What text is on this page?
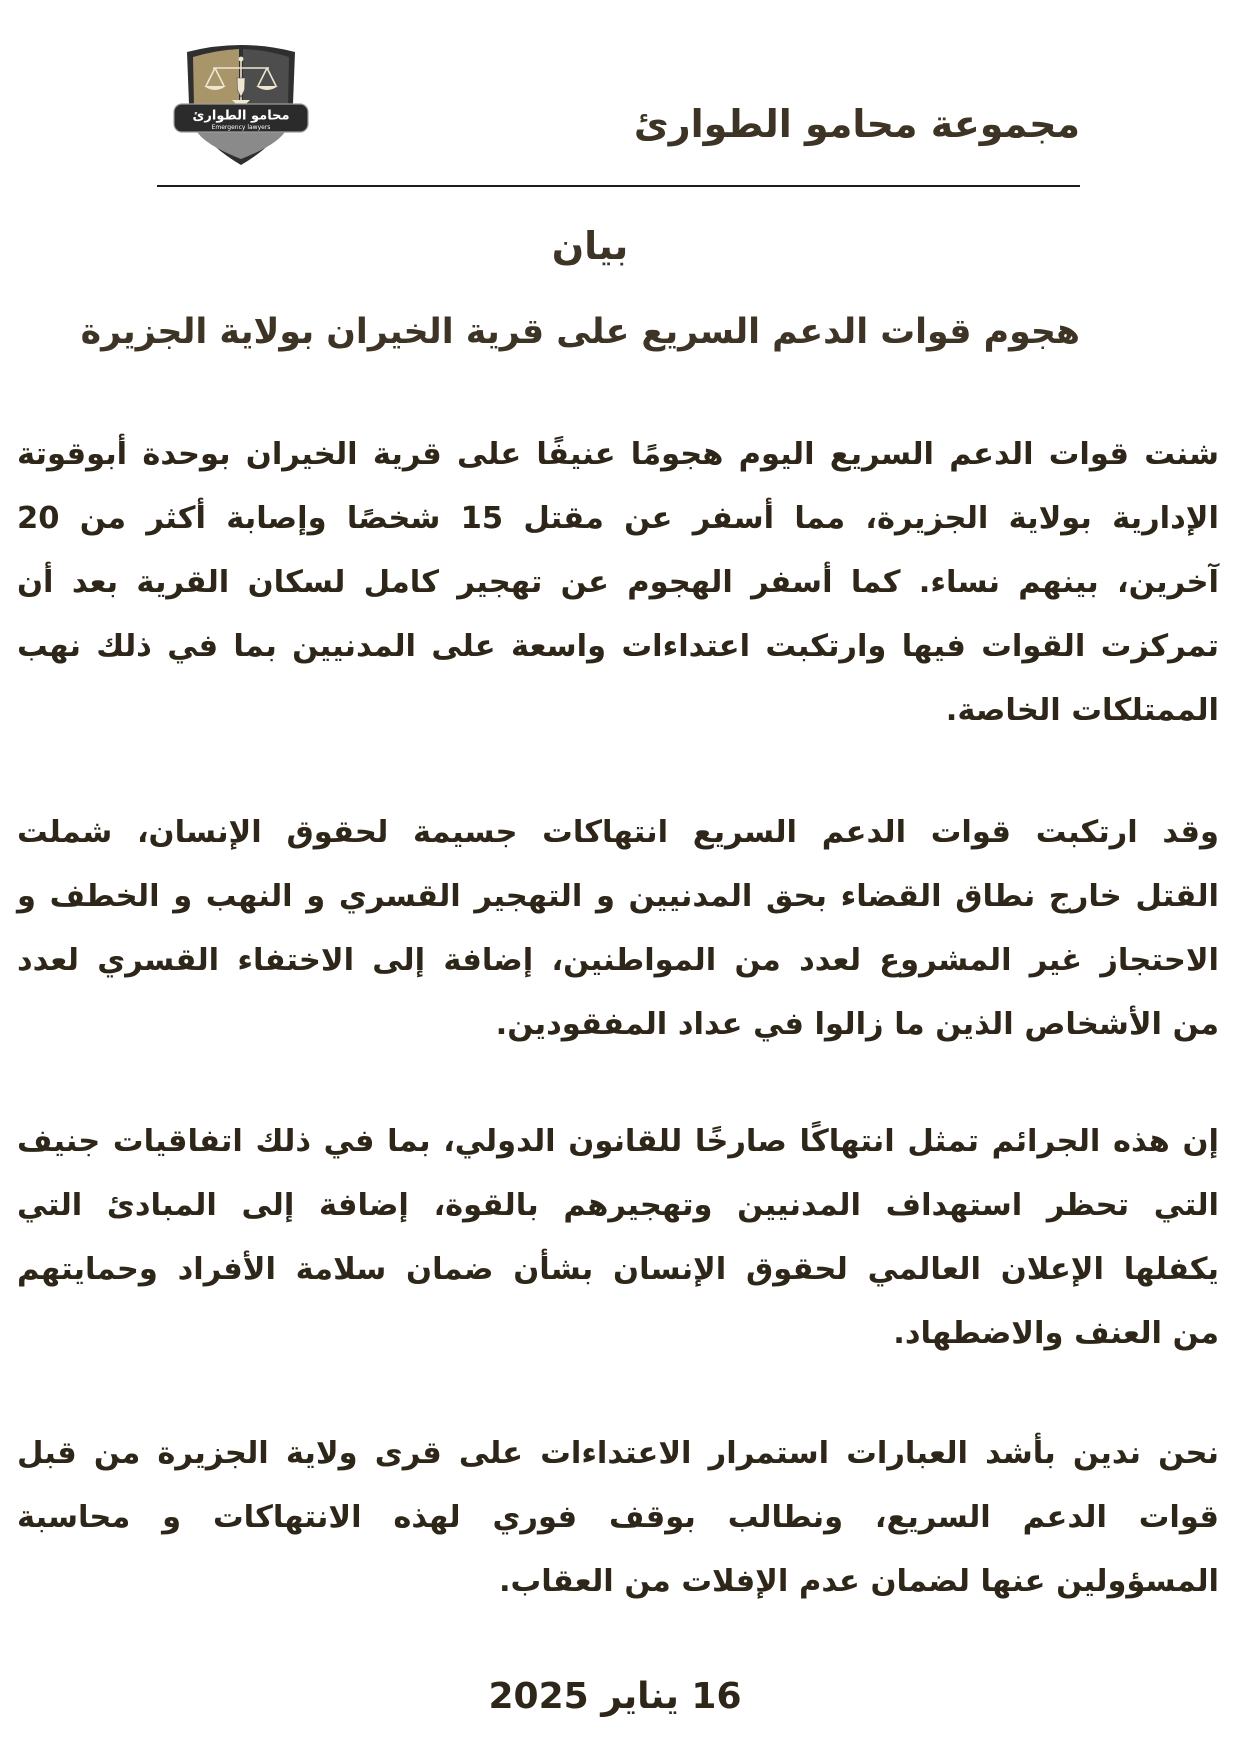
محامو الطوارئ
Emergency lawyers	مجموعة محامو الطوارئ
بيان
هجوم قوات الدعم السريع على قرية الخيران بولاية الجزيرة
شنت قوات الدعم السريع اليوم هجومًا عنيفًا على قرية الخيران بوحدة أبوقوتة
الإدارية بولاية الجزيرة، مما أسفر عن مقتل 15 شخصًا وإصابة أكثر من 20
آخرين، بينهم نساء. كما أسفر الهجوم عن تهجير كامل لسكان القرية بعد أن
تمركزت القوات فيها وارتكبت اعتداءات واسعة على المدنيين بما في ذلك نهب
الممتلكات الخاصة.
وقد ارتكبت قوات الدعم السريع انتهاكات جسيمة لحقوق الإنسان، شملت
القتل خارج نطاق القضاء بحق المدنيين و التهجير القسري و النهب و الخطف و
الاحتجاز غير المشروع لعدد من المواطنين، إضافة إلى الاختفاء القسري لعدد
من الأشخاص الذين ما زالوا في عداد المفقودين.
إن هذه الجرائم تمثل انتهاكًا صارخًا للقانون الدولي، بما في ذلك اتفاقيات جنيف
التي تحظر استهداف المدنيين وتهجيرهم بالقوة، إضافة إلى المبادئ التي
يكفلها الإعلان العالمي لحقوق الإنسان بشأن ضمان سلامة الأفراد وحمايتهم
من العنف والاضطهاد.
نحن ندين بأشد العبارات استمرار الاعتداءات على قرى ولاية الجزيرة من قبل
قوات الدعم السريع، ونطالب بوقف فوري لهذه الانتهاكات و محاسبة
المسؤولين عنها لضمان عدم الإفلات من العقاب.
16 يناير 2025
